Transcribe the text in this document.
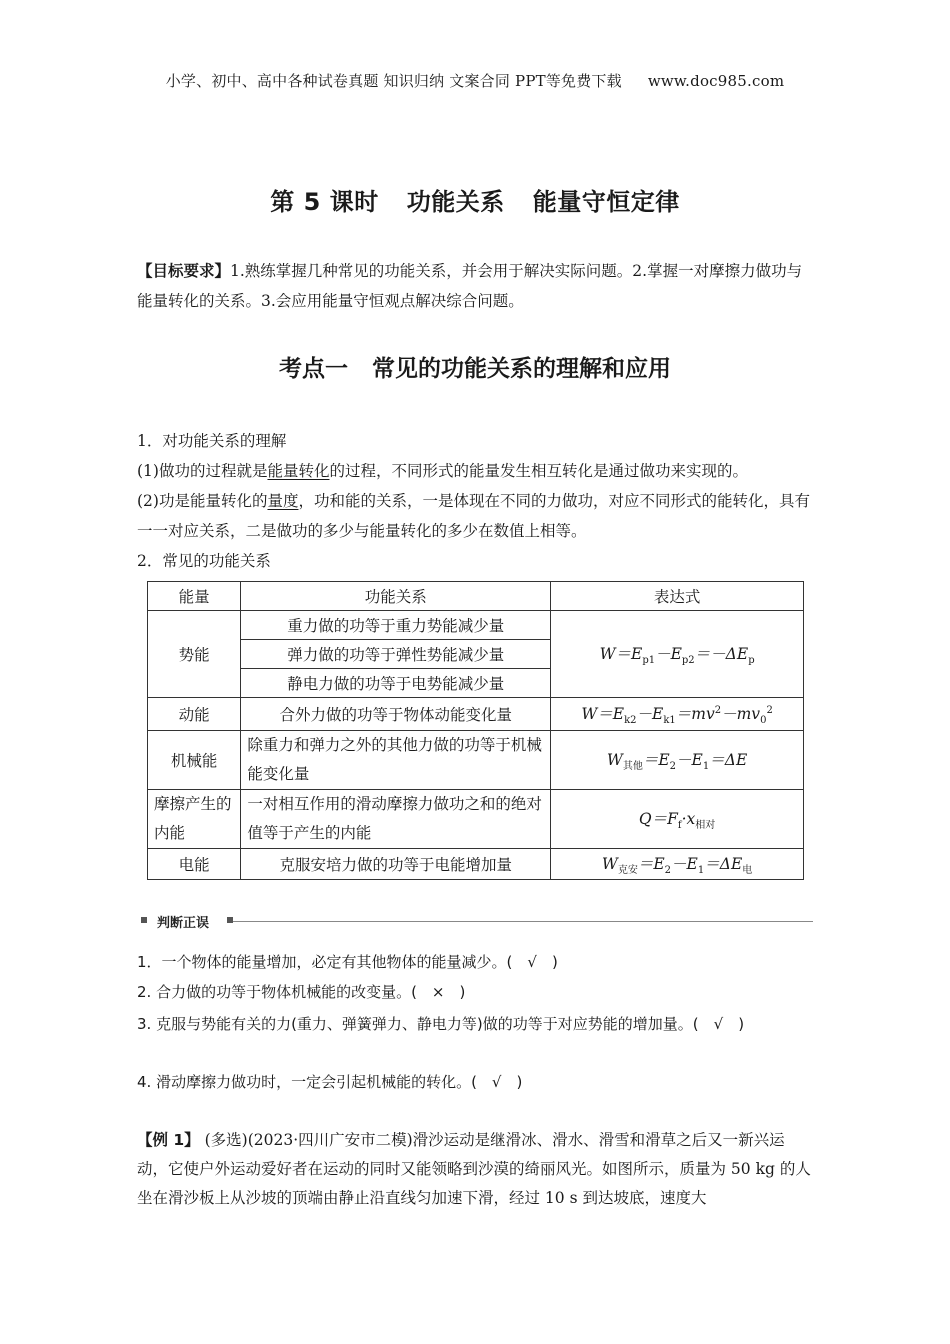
小学、初中、高中各种试卷真题 知识归纳 文案合同 PPT等免费下载 www.doc985.com
第 5 课时 功能关系 能量守恒定律
【目标要求】1.熟练掌握几种常见的功能关系，并会用于解决实际问题。2.掌握一对摩擦力做功与能量转化的关系。3.会应用能量守恒观点解决综合问题。
考点一 常见的功能关系的理解和应用
1．对功能关系的理解
(1)做功的过程就是能量转化的过程，不同形式的能量发生相互转化是通过做功来实现的。
(2)功是能量转化的量度，功和能的关系，一是体现在不同的力做功，对应不同形式的能转化，具有一一对应关系，二是做功的多少与能量转化的多少在数值上相等。
2．常见的功能关系
能量	功能关系	表达式
势能	重力做的功等于重力势能减少量	$W=E_{p1}-E_{p2}=-\Delta E_p$
	弹力做的功等于弹性势能减少量	
	静电力做的功等于电势能减少量	
动能	合外力做的功等于物体动能变化量	$W=E_{k2}-E_{k1}=mv^2-mv_0^2$
机械能	除重力和弹力之外的其他力做的功等于机械能变化量	$W_{其他}=E_2-E_1=\Delta E$
摩擦产生的内能	一对相互作用的滑动摩擦力做功之和的绝对值等于产生的内能	$Q=F_f\cdot x_{相对}$
电能	克服安培力做的功等于电能增加量	$W_{克安}=E_2-E_1=\Delta E_电$
判断正误
1．一个物体的能量增加，必定有其他物体的能量减少。(　√　)
2. 合力做的功等于物体机械能的改变量。(　×　)
3. 克服与势能有关的力(重力、弹簧弹力、静电力等)做的功等于对应势能的增加量。(　√　)
4. 滑动摩擦力做功时，一定会引起机械能的转化。(　√　)
【例 1】 (多选)(2023·四川广安市二模)滑沙运动是继滑冰、滑水、滑雪和滑草之后又一新兴运动，它使户外运动爱好者在运动的同时又能领略到沙漠的绮丽风光。如图所示，质量为 50 kg 的人坐在滑沙板上从沙坡的顶端由静止沿直线匀加速下滑，经过 10 s 到达坡底，速度大
